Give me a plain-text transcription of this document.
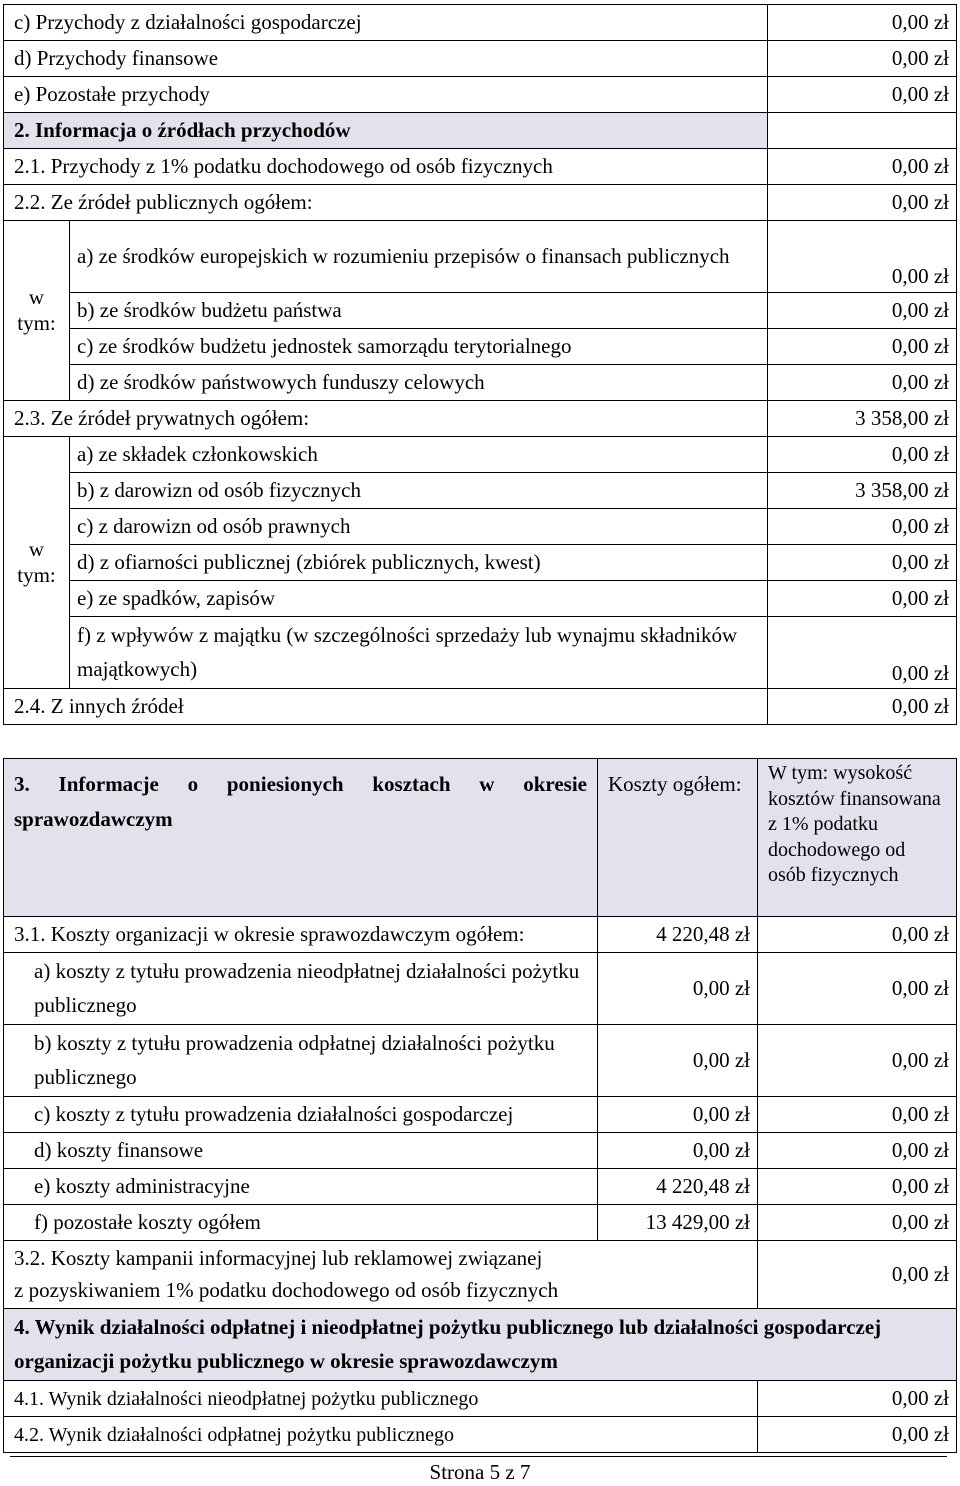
c) Przychody z działalności gospodarczej		0,00 zł
d) Przychody finansowe		0,00 zł
e) Pozostałe przychody		0,00 zł
2. Informacja o źródłach przychodów		
2.1. Przychody z 1% podatku dochodowego od osób fizycznych		0,00 zł
2.2. Ze źródeł publicznych ogółem:		0,00 zł

w
tym:	a) ze środków europejskich w rozumieniu przepisów o finansach publicznych	0,00 zł
	b) ze środków budżetu państwa	0,00 zł
	c) ze środków budżetu jednostek samorządu terytorialnego	0,00 zł
	d) ze środków państwowych funduszy celowych	0,00 zł
2.3. Ze źródeł prywatnych ogółem:		3 358,00 zł

w
tym:	a) ze składek członkowskich	0,00 zł
	b) z darowizn od osób fizycznych	3 358,00 zł
	c) z darowizn od osób prawnych	0,00 zł
	d) z ofiarności publicznej (zbiórek publicznych, kwest)	0,00 zł
	e) ze spadków, zapisów	0,00 zł
	f) z wpływów z majątku (w szczególności sprzedaży lub wynajmu składników majątkowych)	0,00 zł
2.4. Z innych źródeł		0,00 zł
3. Informacje o poniesionych kosztach w okresie sprawozdawczym	Koszty ogółem:	W tym: wysokość kosztów finansowana z 1% podatku dochodowego od osób fizycznych
3.1. Koszty organizacji w okresie sprawozdawczym ogółem:	4 220,48 zł	0,00 zł
a) koszty z tytułu prowadzenia nieodpłatnej działalności pożytku publicznego	0,00 zł	0,00 zł
b) koszty z tytułu prowadzenia odpłatnej działalności pożytku publicznego	0,00 zł	0,00 zł
c) koszty z tytułu prowadzenia działalności gospodarczej	0,00 zł	0,00 zł
d) koszty finansowe	0,00 zł	0,00 zł
e) koszty administracyjne	4 220,48 zł	0,00 zł
f) pozostałe koszty ogółem	13 429,00 zł	0,00 zł

3.2. Koszty kampanii informacyjnej lub reklamowej związanej
z pozyskiwaniem 1% podatku dochodowego od osób fizycznych		0,00 zł
4. Wynik działalności odpłatnej i nieodpłatnej pożytku publicznego lub działalności gospodarczej organizacji pożytku publicznego w okresie sprawozdawczym		
4.1. Wynik działalności nieodpłatnej pożytku publicznego		0,00 zł
4.2. Wynik działalności odpłatnej pożytku publicznego		0,00 zł
Strona 5 z 7
